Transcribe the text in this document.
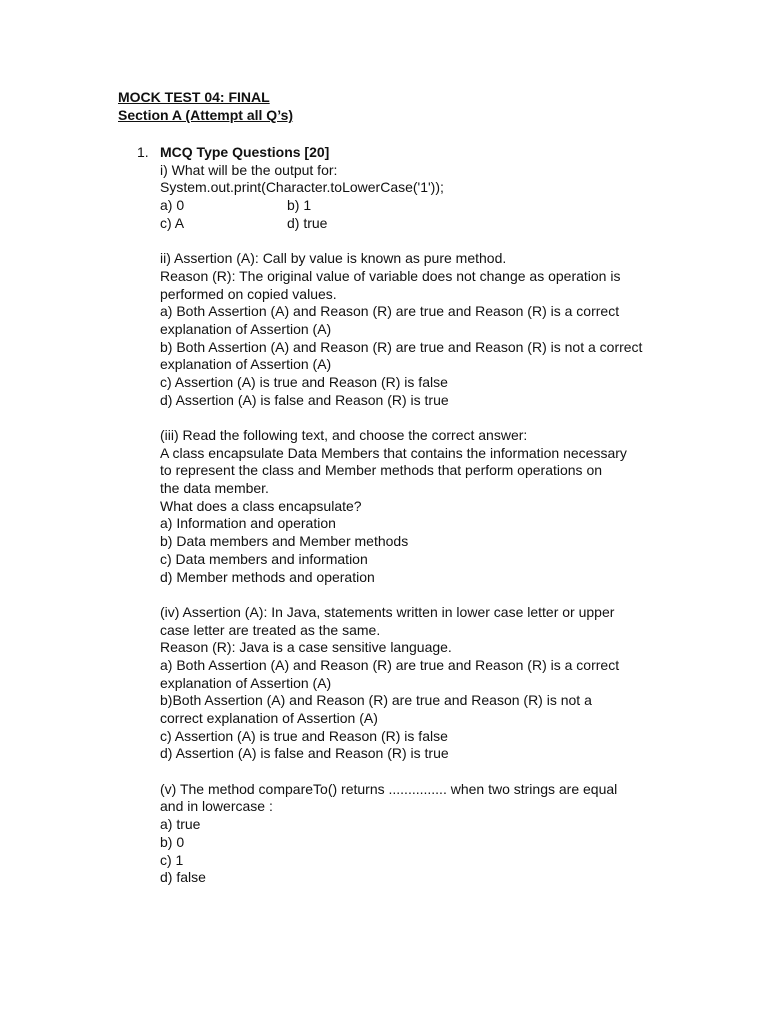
MOCK TEST 04: FINAL
Section A (Attempt all Q’s)
1. MCQ Type Questions [20]
i) What will be the output for:
System.out.print(Character.toLowerCase('1'));
a) 0	b) 1
c) A	d) true
ii) Assertion (A): Call by value is known as pure method.
Reason (R): The original value of variable does not change as operation is
performed on copied values.
a) Both Assertion (A) and Reason (R) are true and Reason (R) is a correct
explanation of Assertion (A)
b) Both Assertion (A) and Reason (R) are true and Reason (R) is not a correct
explanation of Assertion (A)
c) Assertion (A) is true and Reason (R) is false
d) Assertion (A) is false and Reason (R) is true
(iii) Read the following text, and choose the correct answer:
A class encapsulate Data Members that contains the information necessary
to represent the class and Member methods that perform operations on
the data member.
What does a class encapsulate?
a) Information and operation
b) Data members and Member methods
c) Data members and information
d) Member methods and operation
(iv) Assertion (A): In Java, statements written in lower case letter or upper
case letter are treated as the same.
Reason (R): Java is a case sensitive language.
a) Both Assertion (A) and Reason (R) are true and Reason (R) is a correct
explanation of Assertion (A)
b)Both Assertion (A) and Reason (R) are true and Reason (R) is not a
correct explanation of Assertion (A)
c) Assertion (A) is true and Reason (R) is false
d) Assertion (A) is false and Reason (R) is true
(v) The method compareTo() returns ............... when two strings are equal
and in lowercase :
a) true
b) 0
c) 1
d) false
